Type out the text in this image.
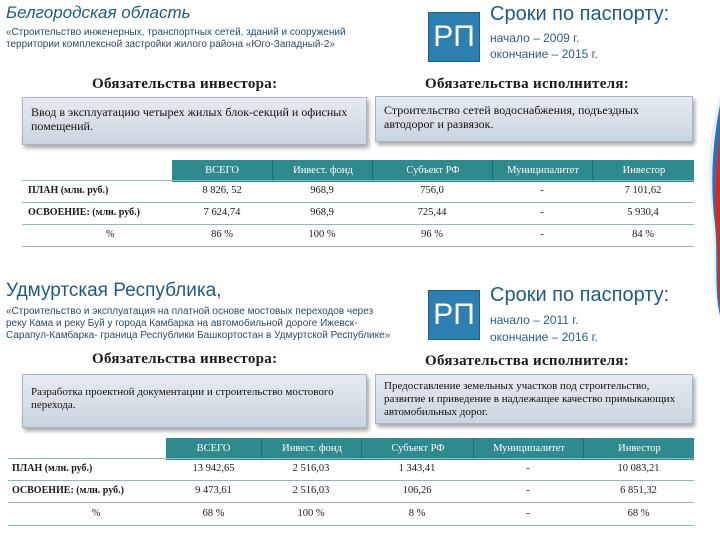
Белгородская область
«Строительство инженерных, транспортных сетей, зданий и сооружений
территории комплексной застройки жилого района «Юго-Западный-2»	РП
Сроки по паспорту:
начало – 2009 г.
окончание – 2015 г.
Обязательства инвестора:	Обязательства исполнителя:
Ввод в эксплуатацию четырех жилых блок-секций и офисных помещений.
Строительство сетей водоснабжения, подъездных автодорог и развязок.
ВСЕГО	Инвест. фонд	Субъект РФ	Муниципалитет	Инвестор
ПЛАН (млн. руб.)	8 826, 52	968,9	756,0	-	7 101,62
ОСВОЕНИЕ: (млн. руб.)	7 624,74	968,9	725,44	-	5 930,4
%	86 %	100 %	96 %	-	84 %
Удмуртская Республика,
«Строительство и эксплуатация на платной основе мостовых переходов через
реку Кама и реку Буй у города Камбарка на автомобильной дороге Ижевск-
Сарапул-Камбарка- граница Республики Башкортостан в Удмуртской Республике»
РП
Сроки по паспорту:
начало – 2011 г.
окончание – 2016 г.
Обязательства инвестора:	Обязательства исполнителя:
Разработка проектной документации и строительство мостового перехода.
Предоставление земельных участков под строительство, развитие и приведение в надлежащее качество примыкающих автомобильных дорог.
ВСЕГО	Инвест. фонд	Субъект РФ	Муниципалитет	Инвестор
ПЛАН (млн. руб.)	13 942,65	2 516,03	1 343,41	-	10 083,21
ОСВОЕНИЕ: (млн. руб.)	9 473,61	2 516,03	106,26	-	6 851,32
%	68 %	100 %	8 %	-	68 %
